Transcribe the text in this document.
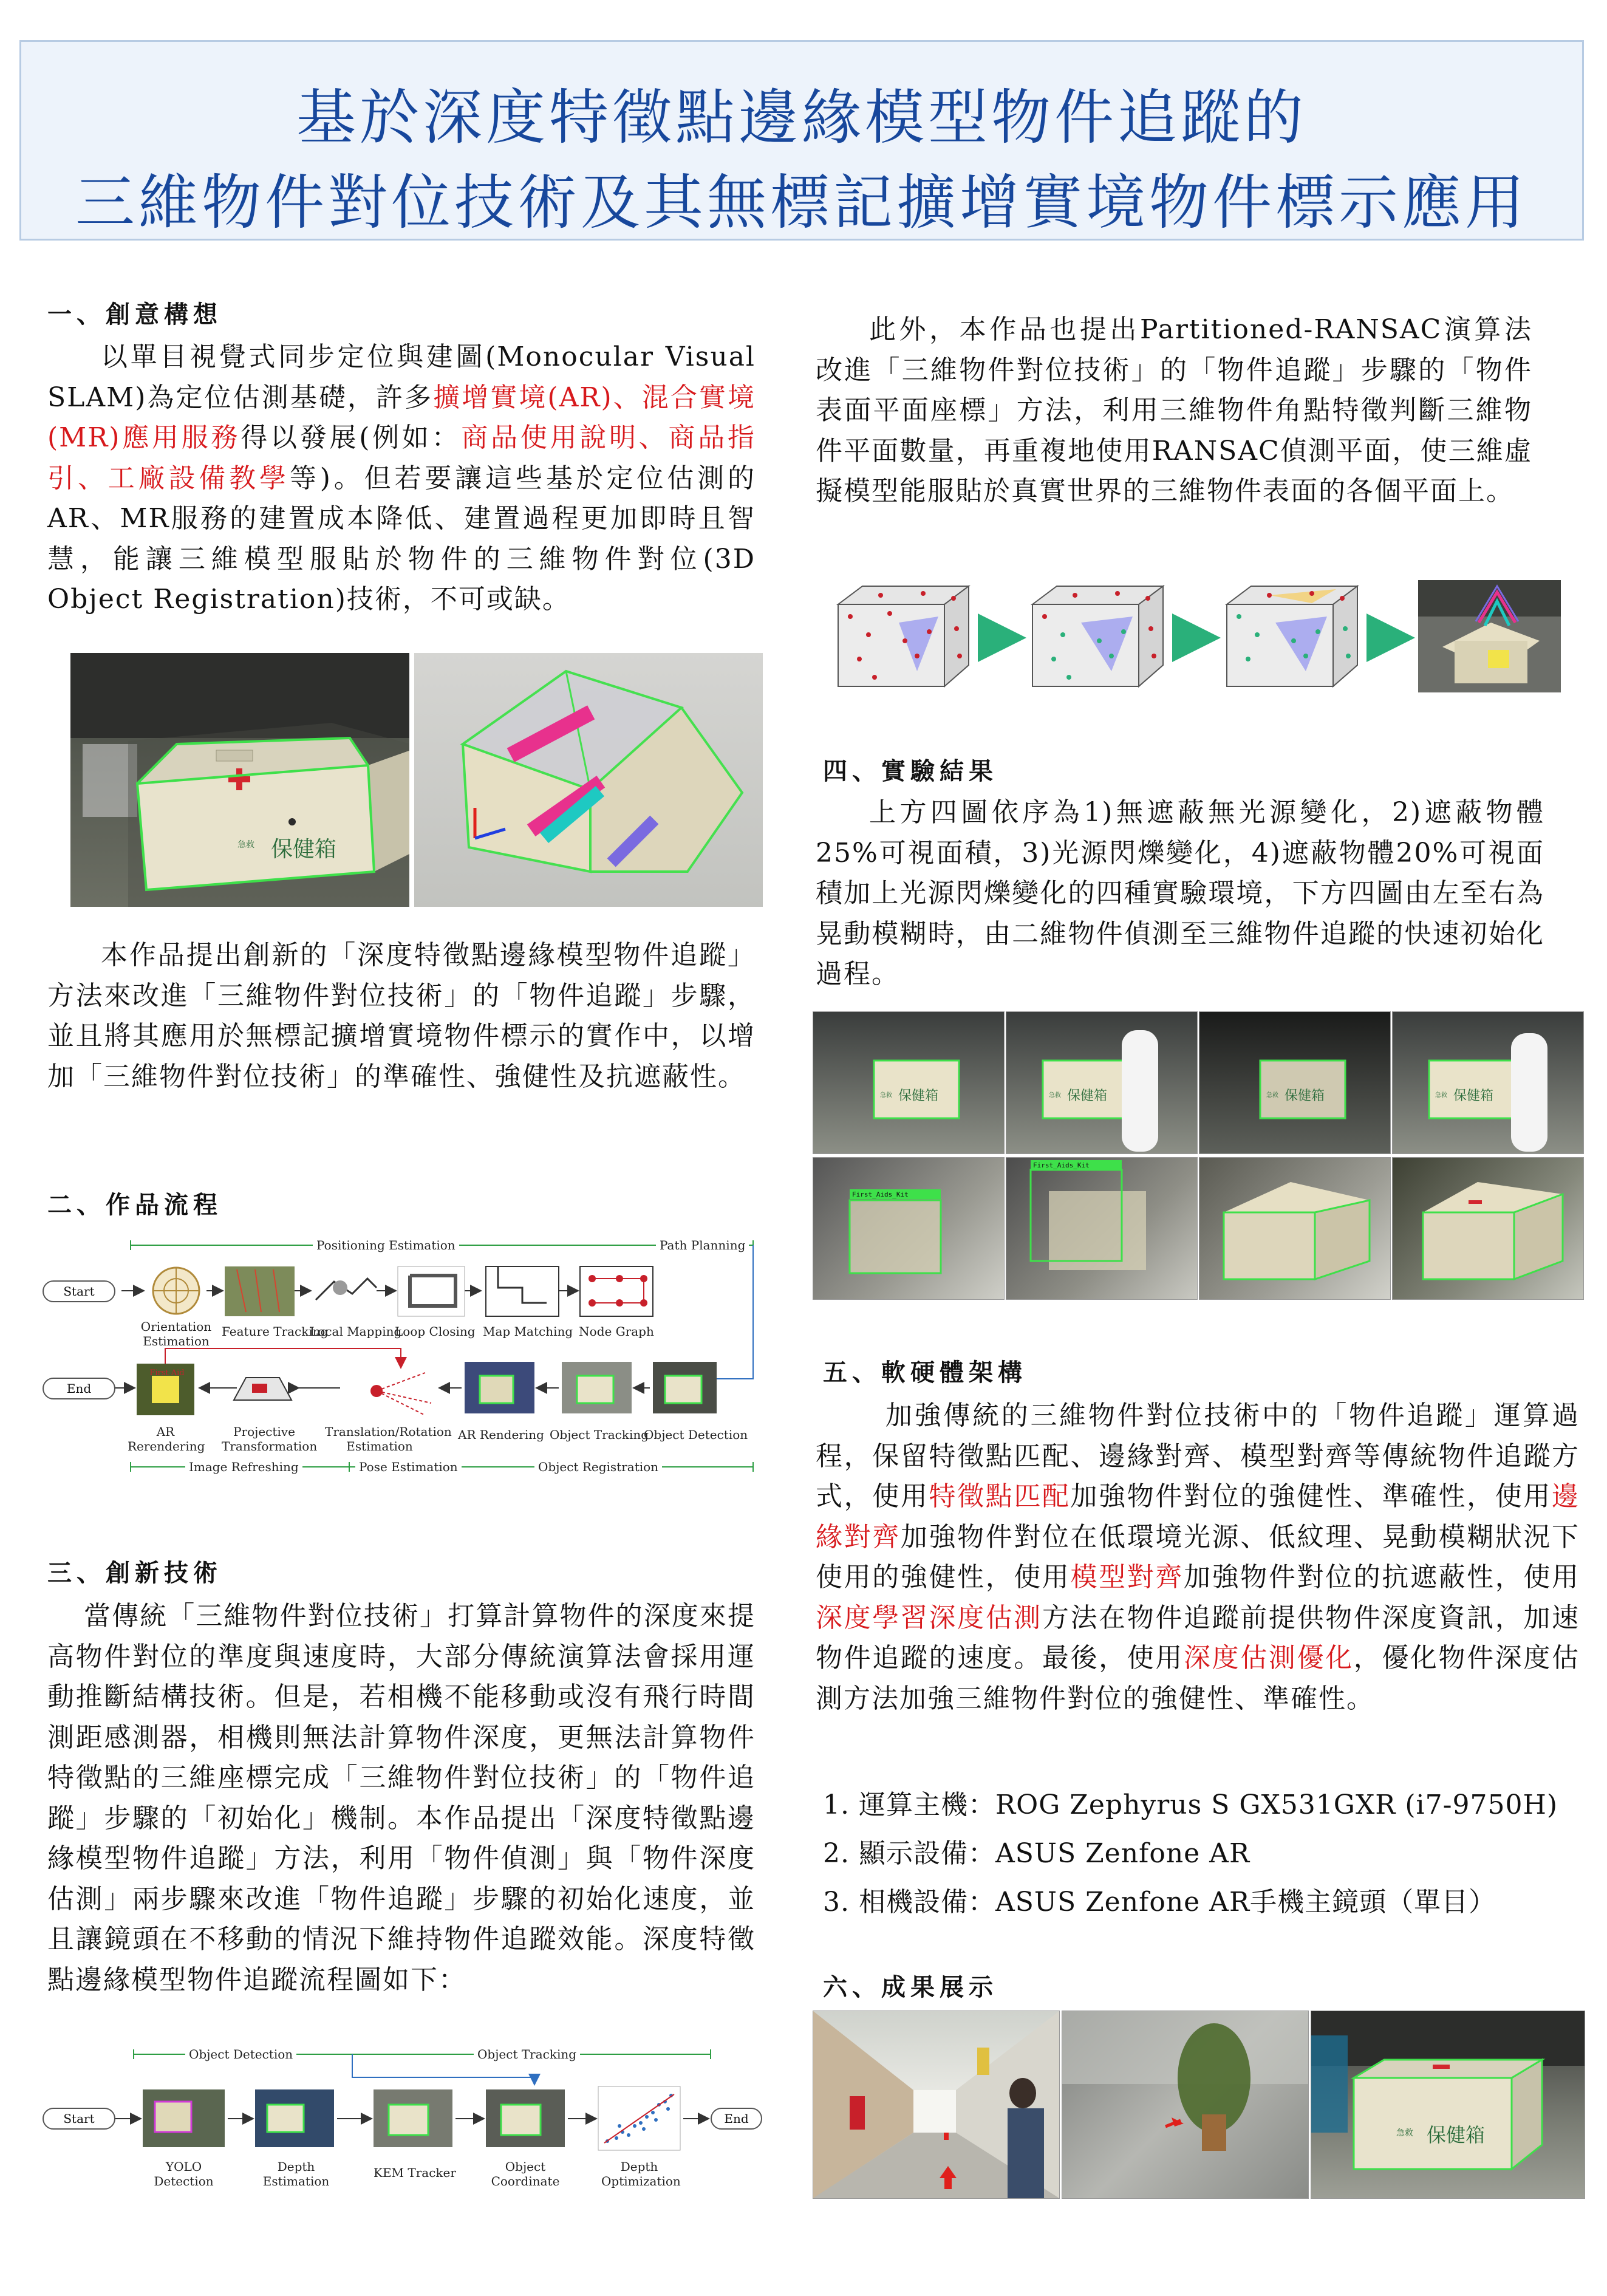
基於深度特徵點邊緣模型物件追蹤的
三維物件對位技術及其無標記擴增實境物件標示應用
一、創意構想
以單目視覺式同步定位與建圖(Monocular Visual SLAM)為定位估測基礎，許多擴增實境(AR)、混合實境(MR)應用服務得以發展(例如：商品使用說明、商品指引、工廠設備教學等)。但若要讓這些基於定位估測的AR、MR服務的建置成本降低、建置過程更加即時且智慧，能讓三維模型服貼於物件的三維物件對位(3D Object Registration)技術，不可或缺。
保健箱
急救
本作品提出創新的「深度特徵點邊緣模型物件追蹤」方法來改進「三維物件對位技術」的「物件追蹤」步驟，並且將其應用於無標記擴增實境物件標示的實作中，以增加「三維物件對位技術」的準確性、強健性及抗遮蔽性。
二、作品流程
Positioning Estimation	Path Planning
Start
End
Orientation Estimation
Feature Tracking
Local Mapping
Loop Closing Map Matching Node Graph
First Aid
AR Rerendering
Projective Transformation
Translation/Rotation Estimation
AR Rendering Object Tracking
Object Detection
Image Refreshing	Pose Estimation	Object Registration
三、創新技術
當傳統「三維物件對位技術」打算計算物件的深度來提高物件對位的準度與速度時，大部分傳統演算法會採用運動推斷結構技術。但是，若相機不能移動或沒有飛行時間測距感測器，相機則無法計算物件深度，更無法計算物件特徵點的三維座標完成「三維物件對位技術」的「物件追蹤」步驟的「初始化」機制。本作品提出「深度特徵點邊緣模型物件追蹤」方法，利用「物件偵測」與「物件深度估測」兩步驟來改進「物件追蹤」步驟的初始化速度，並且讓鏡頭在不移動的情況下維持物件追蹤效能。深度特徵點邊緣模型物件追蹤流程圖如下：
Object Detection	Object Tracking
Start	End
YOLO Detection
Depth Estimation
KEM Tracker	Object Coordinate
Depth Optimization
此外，本作品也提出Partitioned-RANSAC演算法改進「三維物件對位技術」的「物件追蹤」步驟的「物件表面平面座標」方法，利用三維物件角點特徵判斷三維物件平面數量，再重複地使用RANSAC偵測平面，使三維虛擬模型能服貼於真實世界的三維物件表面的各個平面上。
四、實驗結果
上方四圖依序為1)無遮蔽無光源變化，2)遮蔽物體25%可視面積，3)光源閃爍變化，4)遮蔽物體20%可視面積加上光源閃爍變化的四種實驗環境，下方四圖由左至右為晃動模糊時，由二維物件偵測至三維物件追蹤的快速初始化過程。
保健箱
急救	保健箱
急救	保健箱
急救	保健箱
急救
First_Aids_Kit
First_Aids_Kit
五、軟硬體架構
加強傳統的三維物件對位技術中的「物件追蹤」運算過程，保留特徵點匹配、邊緣對齊、模型對齊等傳統物件追蹤方式，使用特徵點匹配加強物件對位的強健性、準確性，使用邊緣對齊加強物件對位在低環境光源、低紋理、晃動模糊狀況下使用的強健性，使用模型對齊加強物件對位的抗遮蔽性，使用深度學習深度估測方法在物件追蹤前提供物件深度資訊，加速物件追蹤的速度。最後，使用深度估測優化，優化物件深度估測方法加強三維物件對位的強健性、準確性。
1. 運算主機：ROG Zephyrus S GX531GXR (i7-9750H)
2. 顯示設備：ASUS Zenfone AR
3. 相機設備：ASUS Zenfone AR手機主鏡頭（單目）
六、成果展示
保健箱
急救
